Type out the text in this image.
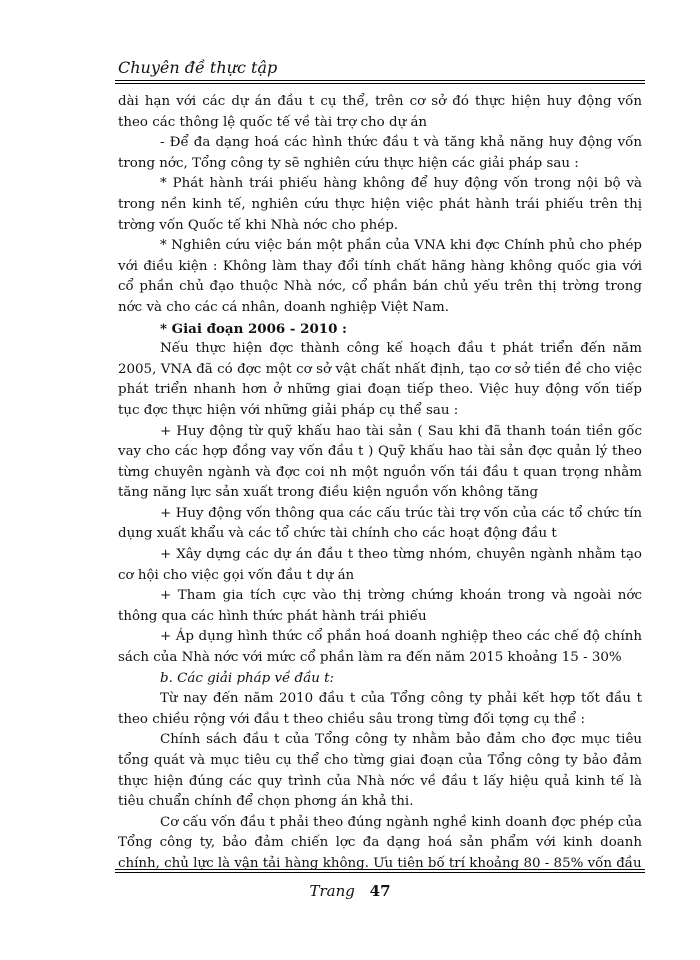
Chuyên đề thực tập

dài hạn với các dự án đầu t cụ thể, trên cơ sở đó thực hiện huy động vốn theo các thông lệ quốc tế về tài trợ cho dự án

- Để đa dạng hoá các hình thức đầu t và tăng khả năng huy động vốn trong nớc, Tổng công ty sẽ nghiên cứu thực hiện các giải pháp sau :

* Phát hành trái phiếu hàng không để huy động vốn trong nội bộ và trong nền kinh tế, nghiên cứu thực hiện việc phát hành trái phiếu trên thị trờng vốn Quốc tế khi Nhà nớc cho phép.

* Nghiên cứu việc bán một phần của VNA khi đợc Chính phủ cho phép với điều kiện : Không làm thay đổi tính chất hãng hàng không quốc gia với cổ phần chủ đạo thuộc Nhà nớc, cổ phần bán chủ yếu trên thị trờng trong nớc và cho các cá nhân, doanh nghiệp Việt Nam.

* Giai đoạn 2006 - 2010 :

Nếu thực hiện đợc thành công kế hoạch đầu t phát triển đến năm 2005, VNA đã có đợc một cơ sở vật chất nhất định, tạo cơ sở tiền đề cho việc phát triển nhanh hơn ở những giai đoạn tiếp theo. Việc huy động vốn tiếp tục đợc thực hiện với những giải pháp cụ thể sau :

+ Huy động từ quỹ khấu hao tài sản ( Sau khi đã thanh toán tiền gốc vay cho các hợp đồng vay vốn đầu t ) Quỹ khấu hao tài sản đợc quản lý theo từng chuyên ngành và đợc coi nh một nguồn vốn tái đầu t quan trọng nhằm tăng năng lực sản xuất trong điều kiện nguồn vốn không tăng

+ Huy động vốn thông qua các cấu trúc tài trợ vốn của các tổ chức tín dụng xuất khẩu và các tổ chức tài chính cho các hoạt động đầu t

+ Xây dựng các dự án đầu t theo từng nhóm, chuyên ngành nhằm tạo cơ hội cho việc gọi vốn đầu t dự án

+ Tham gia tích cực vào thị trờng chứng khoán trong và ngoài nớc thông qua các hình thức phát hành trái phiếu

+ Áp dụng hình thức cổ phần hoá doanh nghiệp theo các chế độ chính sách của Nhà nớc với mức cổ phần làm ra đến năm 2015 khoảng 15 - 30%

b. Các giải pháp về đầu t:

Từ nay đến năm 2010 đầu t của Tổng công ty phải kết hợp tốt đầu t theo chiều rộng với đầu t theo chiều sâu trong từng đối tợng cụ thể :

Chính sách đầu t của Tổng công ty nhằm bảo đảm cho đợc mục tiêu tổng quát và mục tiêu cụ thể cho từng giai đoạn của Tổng công ty bảo đảm thực hiện đúng các quy trình của Nhà nớc về đầu t lấy hiệu quả kinh tế là tiêu chuẩn chính để chọn phơng án khả thi.

Cơ cấu vốn đầu t phải theo đúng ngành nghề kinh doanh đợc phép của Tổng công ty, bảo đảm chiến lợc đa dạng hoá sản phẩm với kinh doanh chính, chủ lực là vận tải hàng không. Ưu tiên bố trí khoảng 80 - 85% vốn đầu

Trang 47
